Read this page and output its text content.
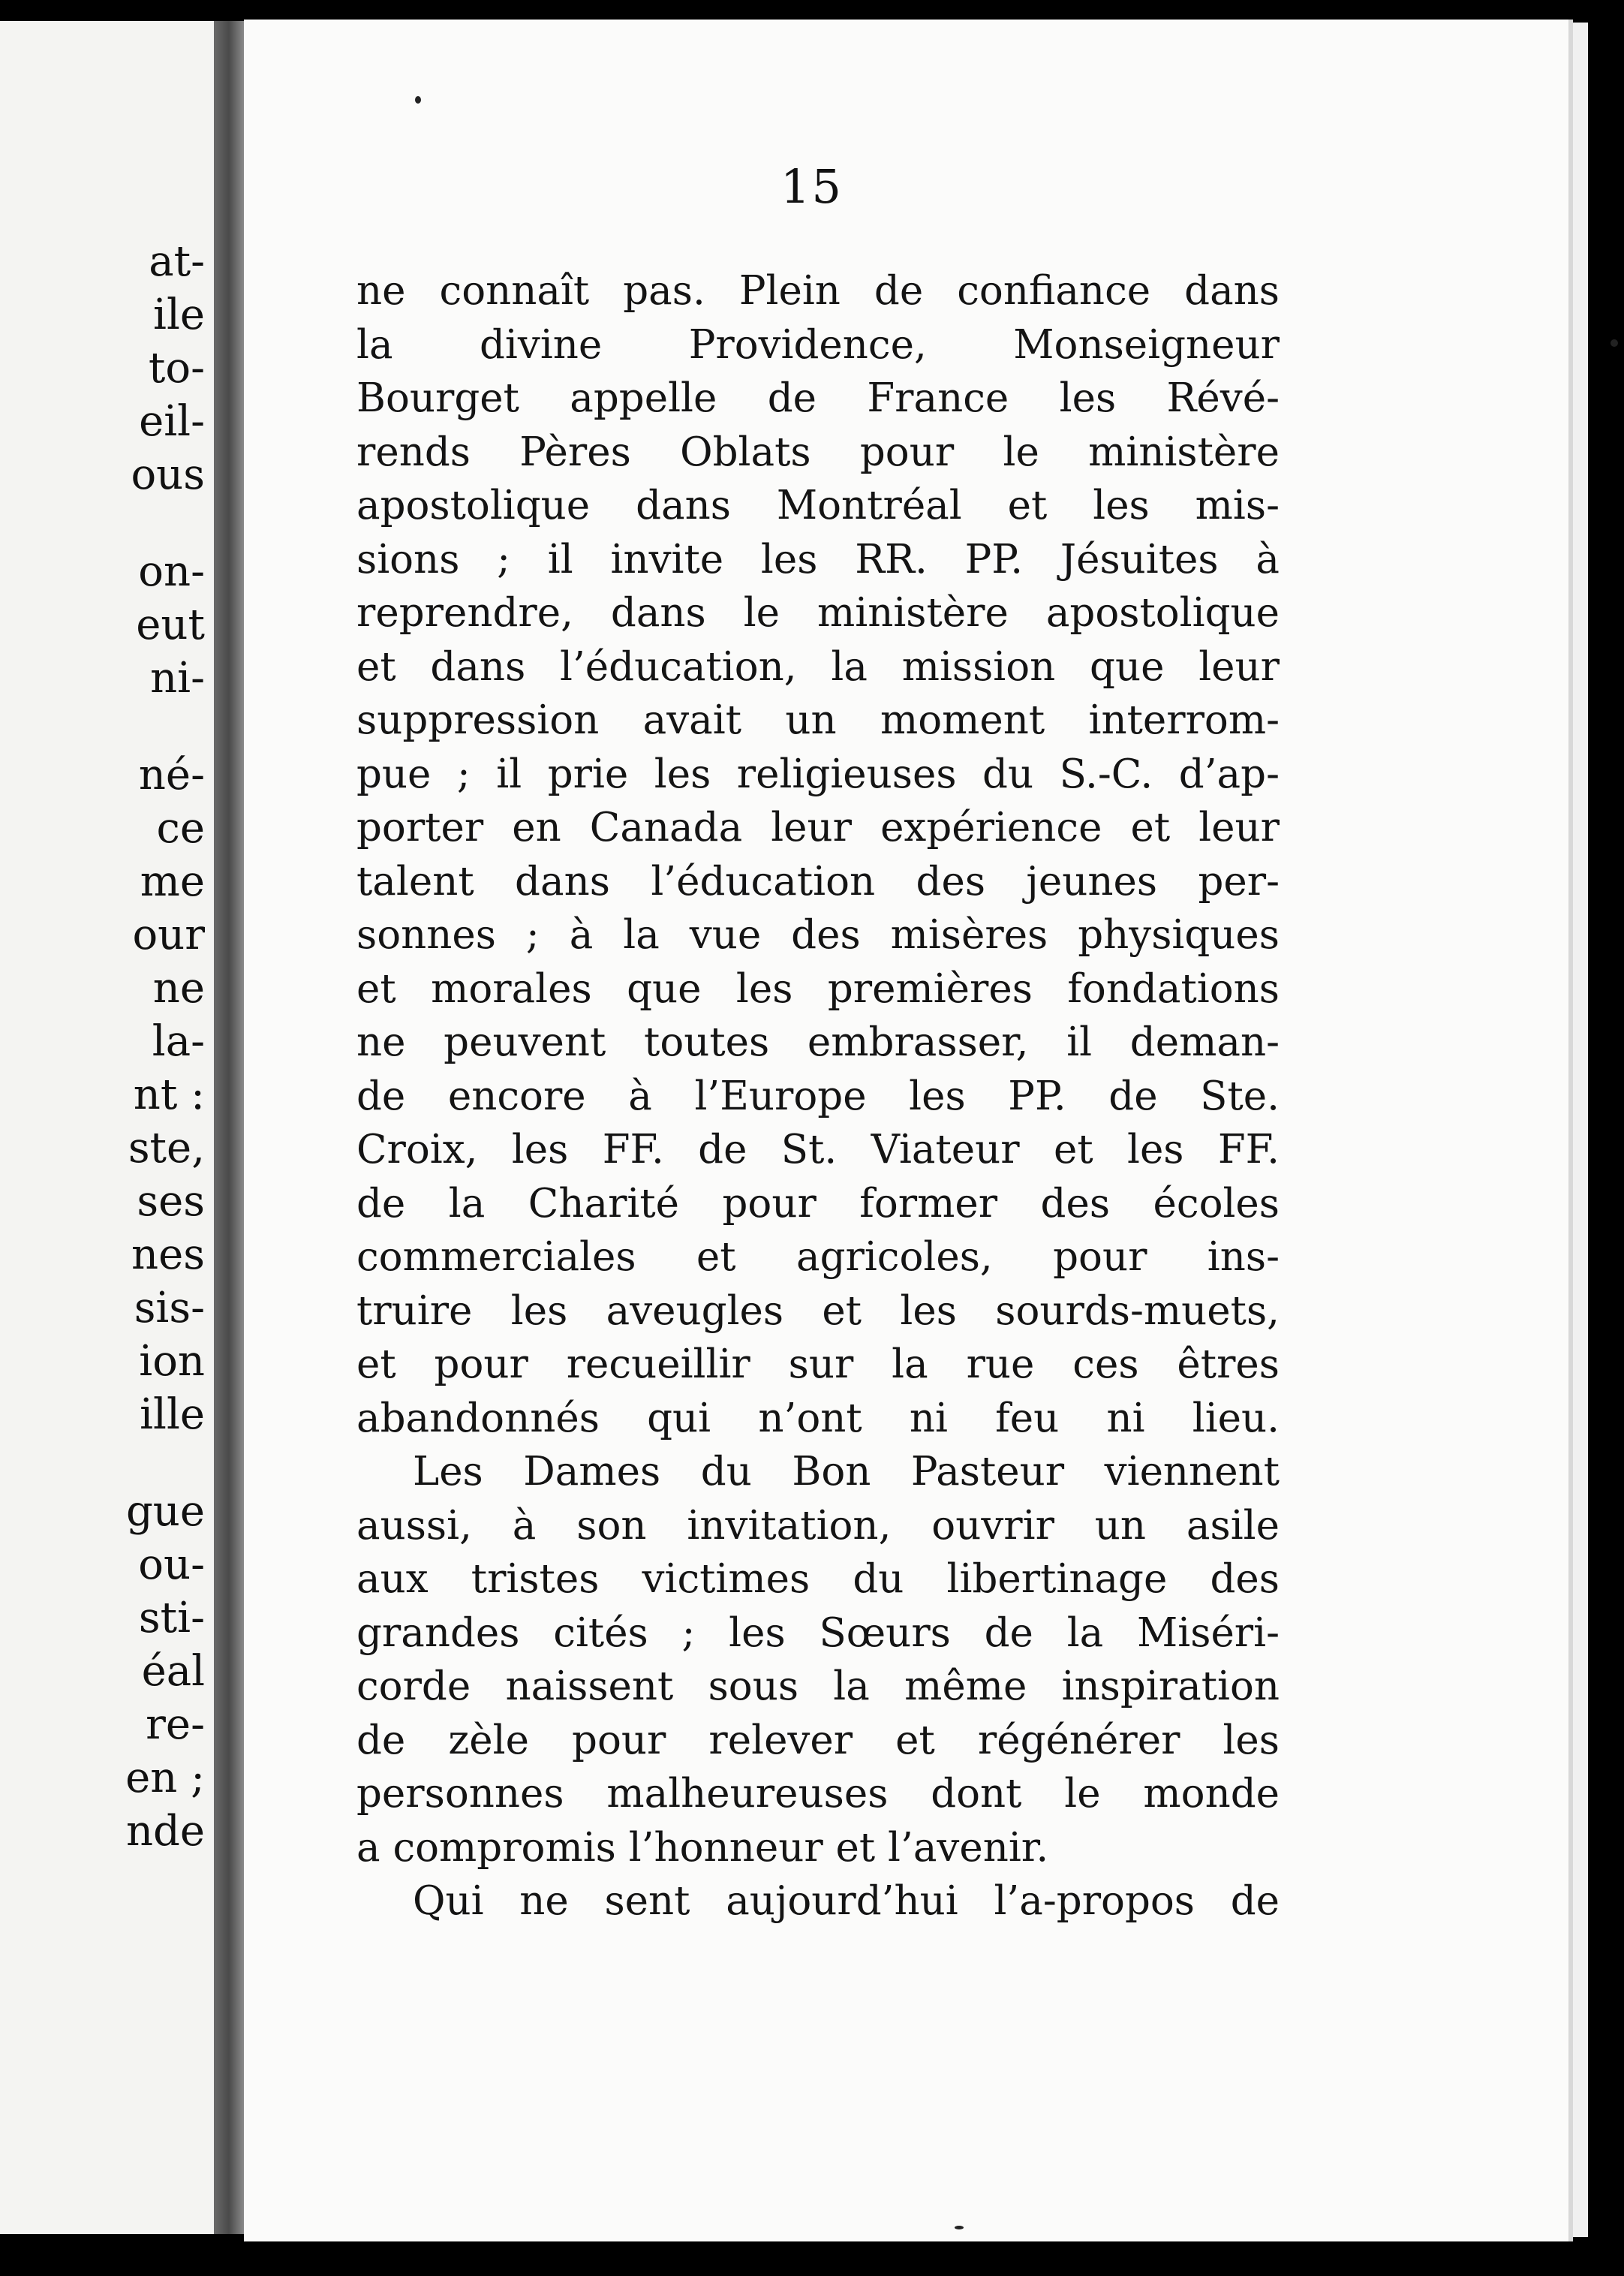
at-
ile
to-
eil-
ous
on-
eut
ni-
né-
ce
me
our
ne
la-
nt :
ste,
ses
nes
sis-
ion
ille
gue
ou-
sti-
éal
re-
en ;
nde
15
ne connaît pas. Plein de confiance dans
la divine Providence, Monseigneur
Bourget appelle de France les Révé-
rends Pères Oblats pour le ministère
apostolique dans Montréal et les mis-
sions ; il invite les RR. PP. Jésuites à
reprendre, dans le ministère apostolique
et dans l’éducation, la mission que leur
suppression avait un moment interrom-
pue ; il prie les religieuses du S.-C. d’ap-
porter en Canada leur expérience et leur
talent dans l’éducation des jeunes per-
sonnes ; à la vue des misères physiques
et morales que les premières fondations
ne peuvent toutes embrasser, il deman-
de encore à l’Europe les PP. de Ste.
Croix, les FF. de St. Viateur et les FF.
de la Charité pour former des écoles
commerciales et agricoles, pour ins-
truire les aveugles et les sourds-muets,
et pour recueillir sur la rue ces êtres
abandonnés qui n’ont ni feu ni lieu.
Les Dames du Bon Pasteur viennent
aussi, à son invitation, ouvrir un asile
aux tristes victimes du libertinage des
grandes cités ; les Sœurs de la Miséri-
corde naissent sous la même inspiration
de zèle pour relever et régénérer les
personnes malheureuses dont le monde
a compromis l’honneur et l’avenir.
Qui ne sent aujourd’hui l’a-propos de
